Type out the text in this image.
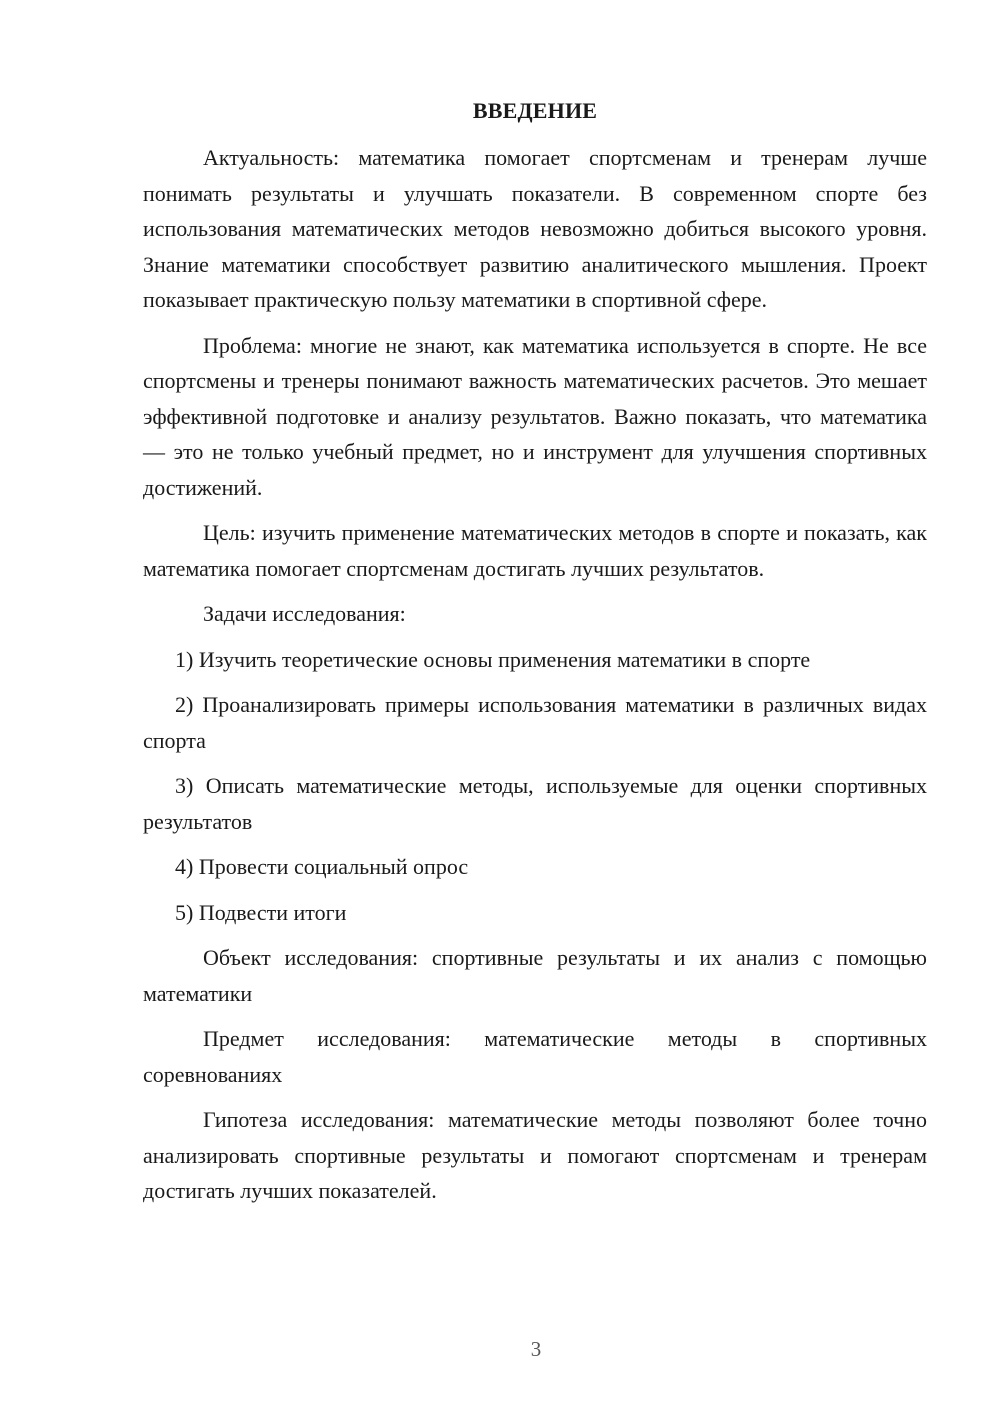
ВВЕДЕНИЕ

Актуальность: математика помогает спортсменам и тренерам лучше понимать результаты и улучшать показатели. В современном спорте без использования математических методов невозможно добиться высокого уровня. Знание математики способствует развитию аналитического мышления. Проект показывает практическую пользу математики в спортивной сфере.

Проблема: многие не знают, как математика используется в спорте. Не все спортсмены и тренеры понимают важность математических расчетов. Это мешает эффективной подготовке и анализу результатов. Важно показать, что математика — это не только учебный предмет, но и инструмент для улучшения спортивных достижений.

Цель: изучить применение математических методов в спорте и показать, как математика помогает спортсменам достигать лучших результатов.

Задачи исследования:

1) Изучить теоретические основы применения математики в спорте

2) Проанализировать примеры использования математики в различных видах спорта

3) Описать математические методы, используемые для оценки спортивных результатов

4) Провести социальный опрос

5) Подвести итоги

Объект исследования: спортивные результаты и их анализ с помощью математики

Предмет исследования: математические методы в спортивных соревнованиях

Гипотеза исследования: математические методы позволяют более точно анализировать спортивные результаты и помогают спортсменам и тренерам достигать лучших показателей.

3
